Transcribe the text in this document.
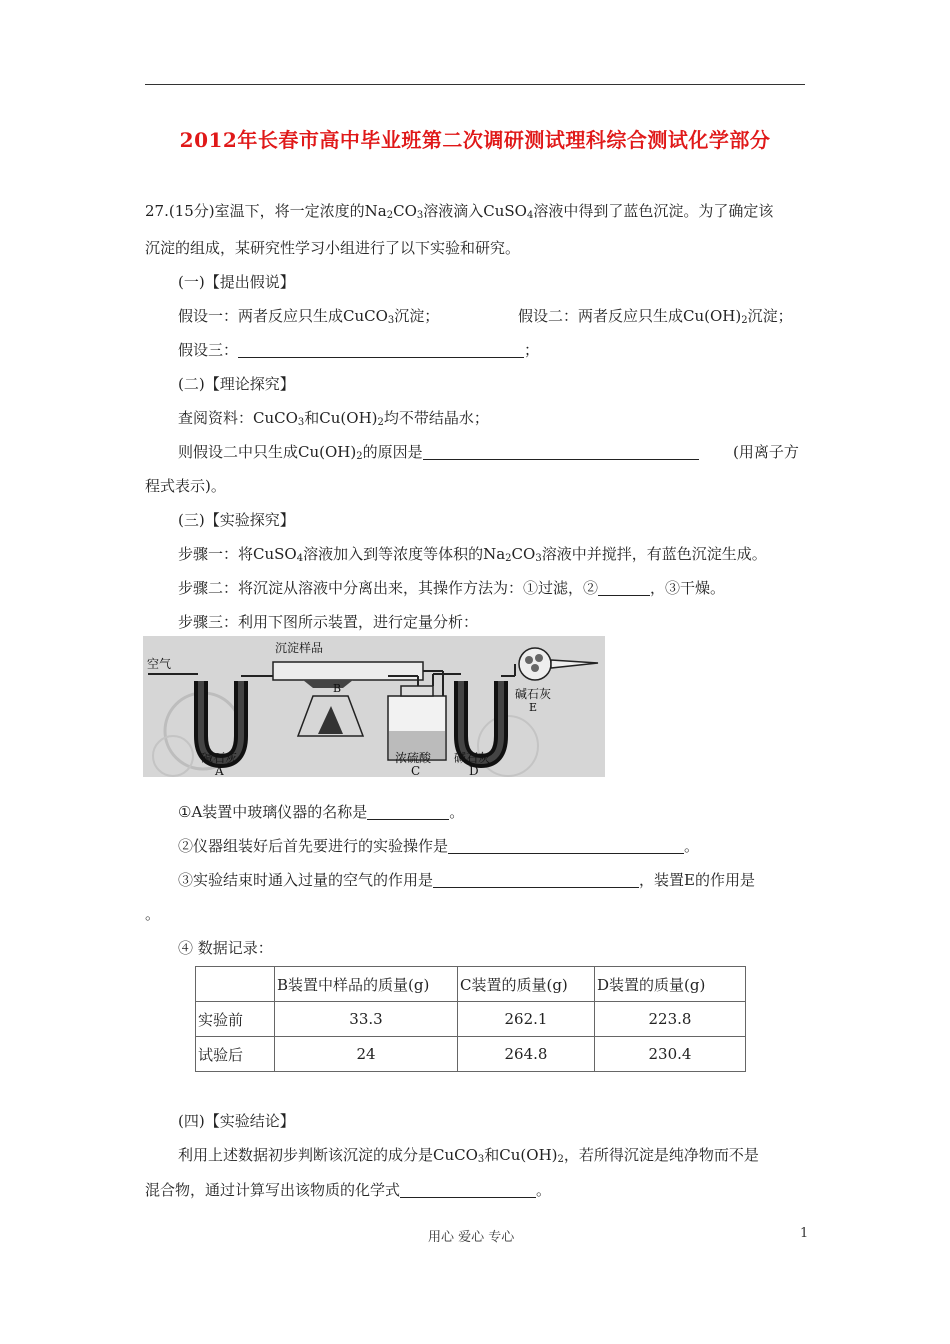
2012年长春市高中毕业班第二次调研测试理科综合测试化学部分
27.(15分)室温下，将一定浓度的$Na_2CO_3$溶液滴入CuSO$_4$溶液中得到了蓝色沉淀。为了确定该
沉淀的组成，某研究性学习小组进行了以下实验和研究。
(一)【提出假说】
假设一：两者反应只生成CuCO$_3$沉淀；	假设二：两者反应只生成$Cu(OH)_2$沉淀；
假设三：	；
(二)【理论探究】
查阅资料：CuCO$_3$和$Cu(OH)_2$均不带结晶水；
则假设二中只生成$Cu(OH)_2$的原因是	(用离子方
程式表示)。
(三)【实验探究】
步骤一：将CuSO$_4$溶液加入到等浓度等体积的$Na_2CO_3$溶液中并搅拌，有蓝色沉淀生成。
步骤二：将沉淀从溶液中分离出来，其操作方法为：①过滤，②	，③干燥。
步骤三：利用下图所示装置，进行定量分析：
空气
沉淀样品
B
碱石灰
A
浓硫酸
C
碱石灰
D
碱石灰
E
①A装置中玻璃仪器的名称是	。
②仪器组装好后首先要进行的实验操作是	。
③实验结束时通入过量的空气的作用是	，装置E的作用是
。
④ 数据记录：
	B装置中样品的质量(g)	C装置的质量(g)	D装置的质量(g)
实验前	33.3	262.1	223.8
试验后	24	264.8	230.4
(四)【实验结论】
利用上述数据初步判断该沉淀的成分是CuCO$_3$和$Cu(OH)_2$，若所得沉淀是纯净物而不是
混合物，通过计算写出该物质的化学式	。
用心 爱心 专心	1
